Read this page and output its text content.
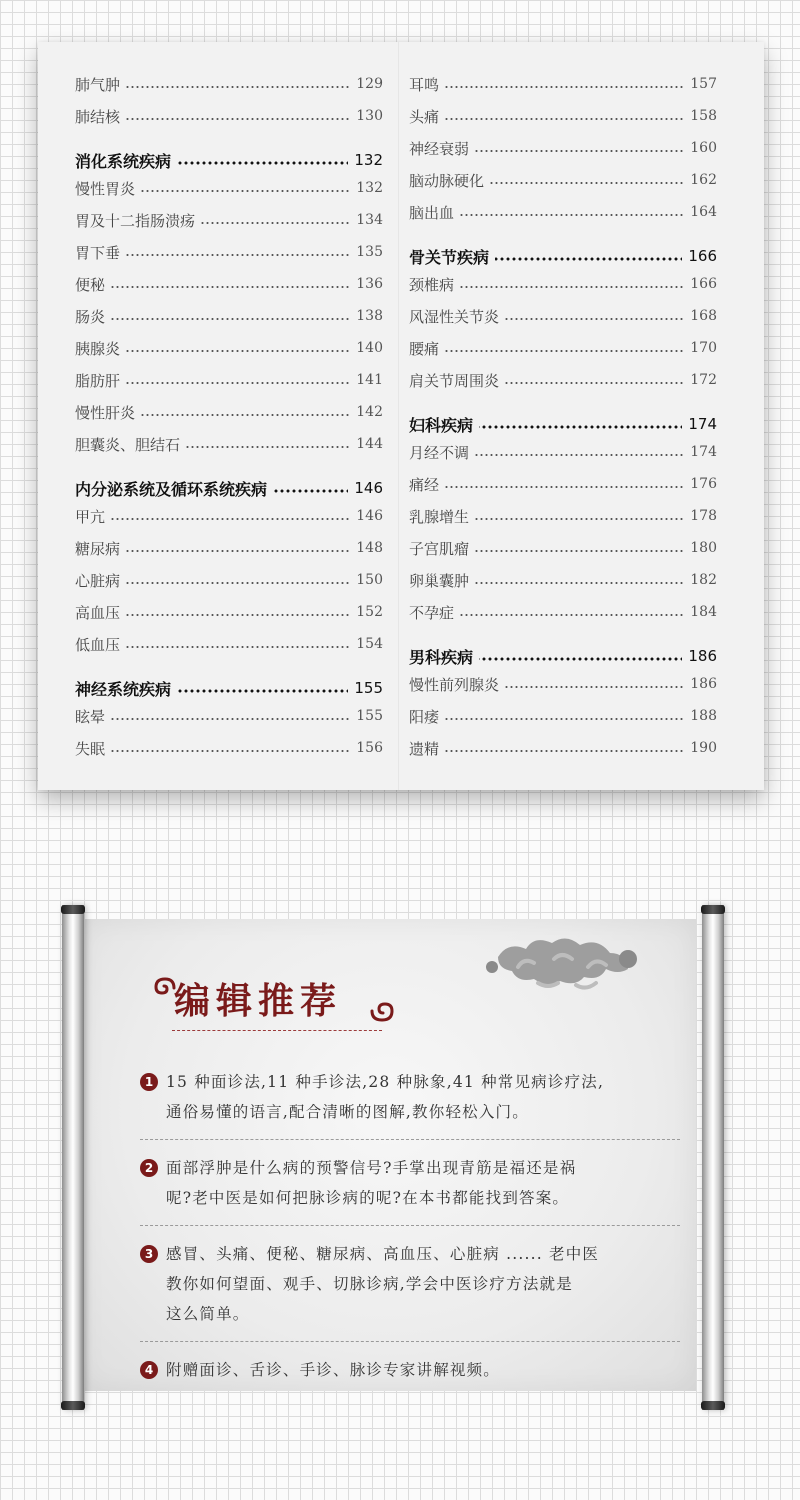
肺气肿	129
肺结核	130
消化系统疾病	132
慢性胃炎	132
胃及十二指肠溃疡	134
胃下垂	135
便秘	136
肠炎	138
胰腺炎	140
脂肪肝	141
慢性肝炎	142
胆囊炎、胆结石	144
内分泌系统及循环系统疾病	146
甲亢	146
糖尿病	148
心脏病	150
高血压	152
低血压	154
神经系统疾病	155
眩晕	155
失眠	156
耳鸣	157
头痛	158
神经衰弱	160
脑动脉硬化	162
脑出血	164
骨关节疾病	166
颈椎病	166
风湿性关节炎	168
腰痛	170
肩关节周围炎	172
妇科疾病	174
月经不调	174
痛经	176
乳腺增生	178
子宫肌瘤	180
卵巢囊肿	182
不孕症	184
男科疾病	186
慢性前列腺炎	186
阳痿	188
遗精	190
编辑推荐
1 15 种面诊法,11 种手诊法,28 种脉象,41 种常见病诊疗法,
通俗易懂的语言,配合清晰的图解,教你轻松入门。
2 面部浮肿是什么病的预警信号?手掌出现青筋是福还是祸
呢?老中医是如何把脉诊病的呢?在本书都能找到答案。
3 感冒、头痛、便秘、糖尿病、高血压、心脏病 ...... 老中医
教你如何望面、观手、切脉诊病,学会中医诊疗方法就是
这么简单。
4 附赠面诊、舌诊、手诊、脉诊专家讲解视频。
